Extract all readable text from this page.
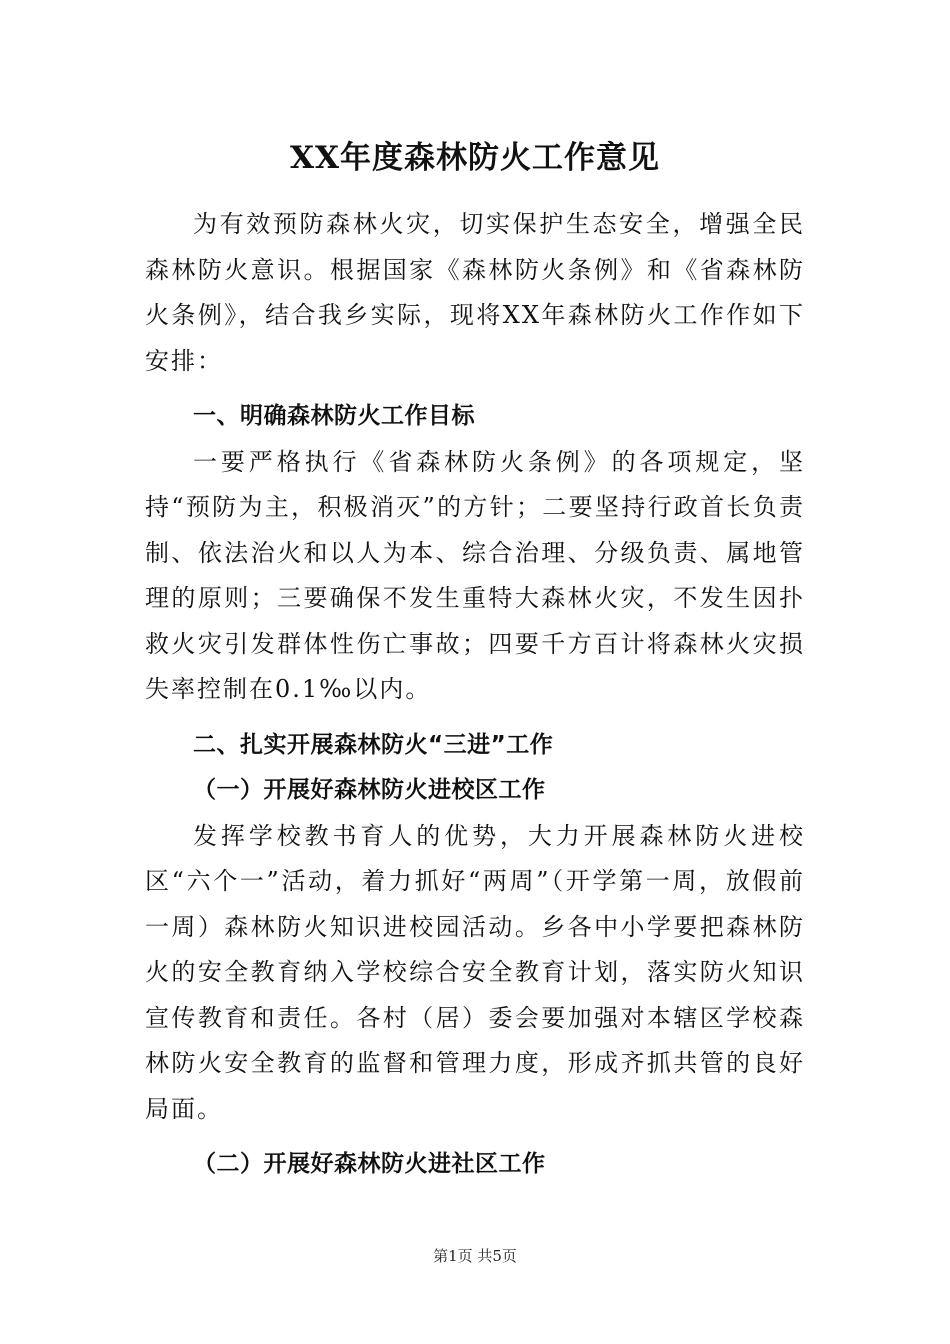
XX年度森林防火工作意见

为有效预防森林火灾，切实保护生态安全，增强全民森林防火意识。根据国家《森林防火条例》和《省森林防火条例》，结合我乡实际，现将XX年森林防火工作作如下安排：

一、明确森林防火工作目标

一要严格执行《省森林防火条例》的各项规定，坚持“预防为主，积极消灭”的方针；二要坚持行政首长负责制、依法治火和以人为本、综合治理、分级负责、属地管理的原则；三要确保不发生重特大森林火灾，不发生因扑救火灾引发群体性伤亡事故；四要千方百计将森林火灾损失率控制在0.1‰以内。

二、扎实开展森林防火“三进”工作

（一）开展好森林防火进校区工作

发挥学校教书育人的优势，大力开展森林防火进校区“六个一”活动，着力抓好“两周”（开学第一周，放假前一周）森林防火知识进校园活动。乡各中小学要把森林防火的安全教育纳入学校综合安全教育计划，落实防火知识宣传教育和责任。各村（居）委会要加强对本辖区学校森林防火安全教育的监督和管理力度，形成齐抓共管的良好局面。

（二）开展好森林防火进社区工作

第1页 共5页
